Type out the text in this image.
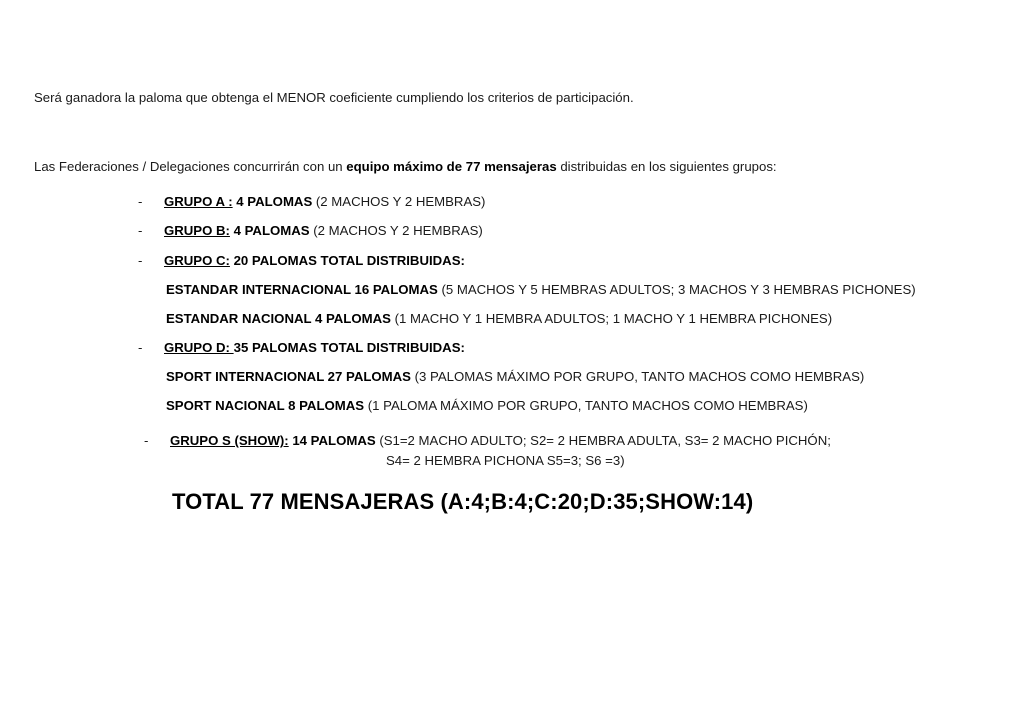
Será ganadora la paloma que obtenga el MENOR coeficiente cumpliendo los criterios de participación.

Las Federaciones / Delegaciones concurrirán con un equipo máximo de 77 mensajeras distribuidas en los siguientes grupos:

-	GRUPO A : 4 PALOMAS (2 MACHOS Y 2 HEMBRAS)
-	GRUPO B: 4 PALOMAS (2 MACHOS Y 2 HEMBRAS)
-	GRUPO C: 20 PALOMAS TOTAL DISTRIBUIDAS:
ESTANDAR INTERNACIONAL 16 PALOMAS (5 MACHOS Y 5 HEMBRAS ADULTOS; 3 MACHOS Y 3 HEMBRAS PICHONES)
ESTANDAR NACIONAL 4 PALOMAS (1 MACHO Y 1 HEMBRA ADULTOS; 1 MACHO Y 1 HEMBRA PICHONES)
-	GRUPO D: 35 PALOMAS TOTAL DISTRIBUIDAS:
SPORT INTERNACIONAL 27 PALOMAS (3 PALOMAS MÁXIMO POR GRUPO, TANTO MACHOS COMO HEMBRAS)
SPORT NACIONAL 8 PALOMAS (1 PALOMA MÁXIMO POR GRUPO, TANTO MACHOS COMO HEMBRAS)
-	GRUPO S (SHOW): 14 PALOMAS (S1=2 MACHO ADULTO; S2= 2 HEMBRA ADULTA, S3= 2 MACHO PICHÓN;
S4= 2 HEMBRA PICHONA S5=3; S6 =3)
TOTAL 77 MENSAJERAS (A:4;B:4;C:20;D:35;SHOW:14)
